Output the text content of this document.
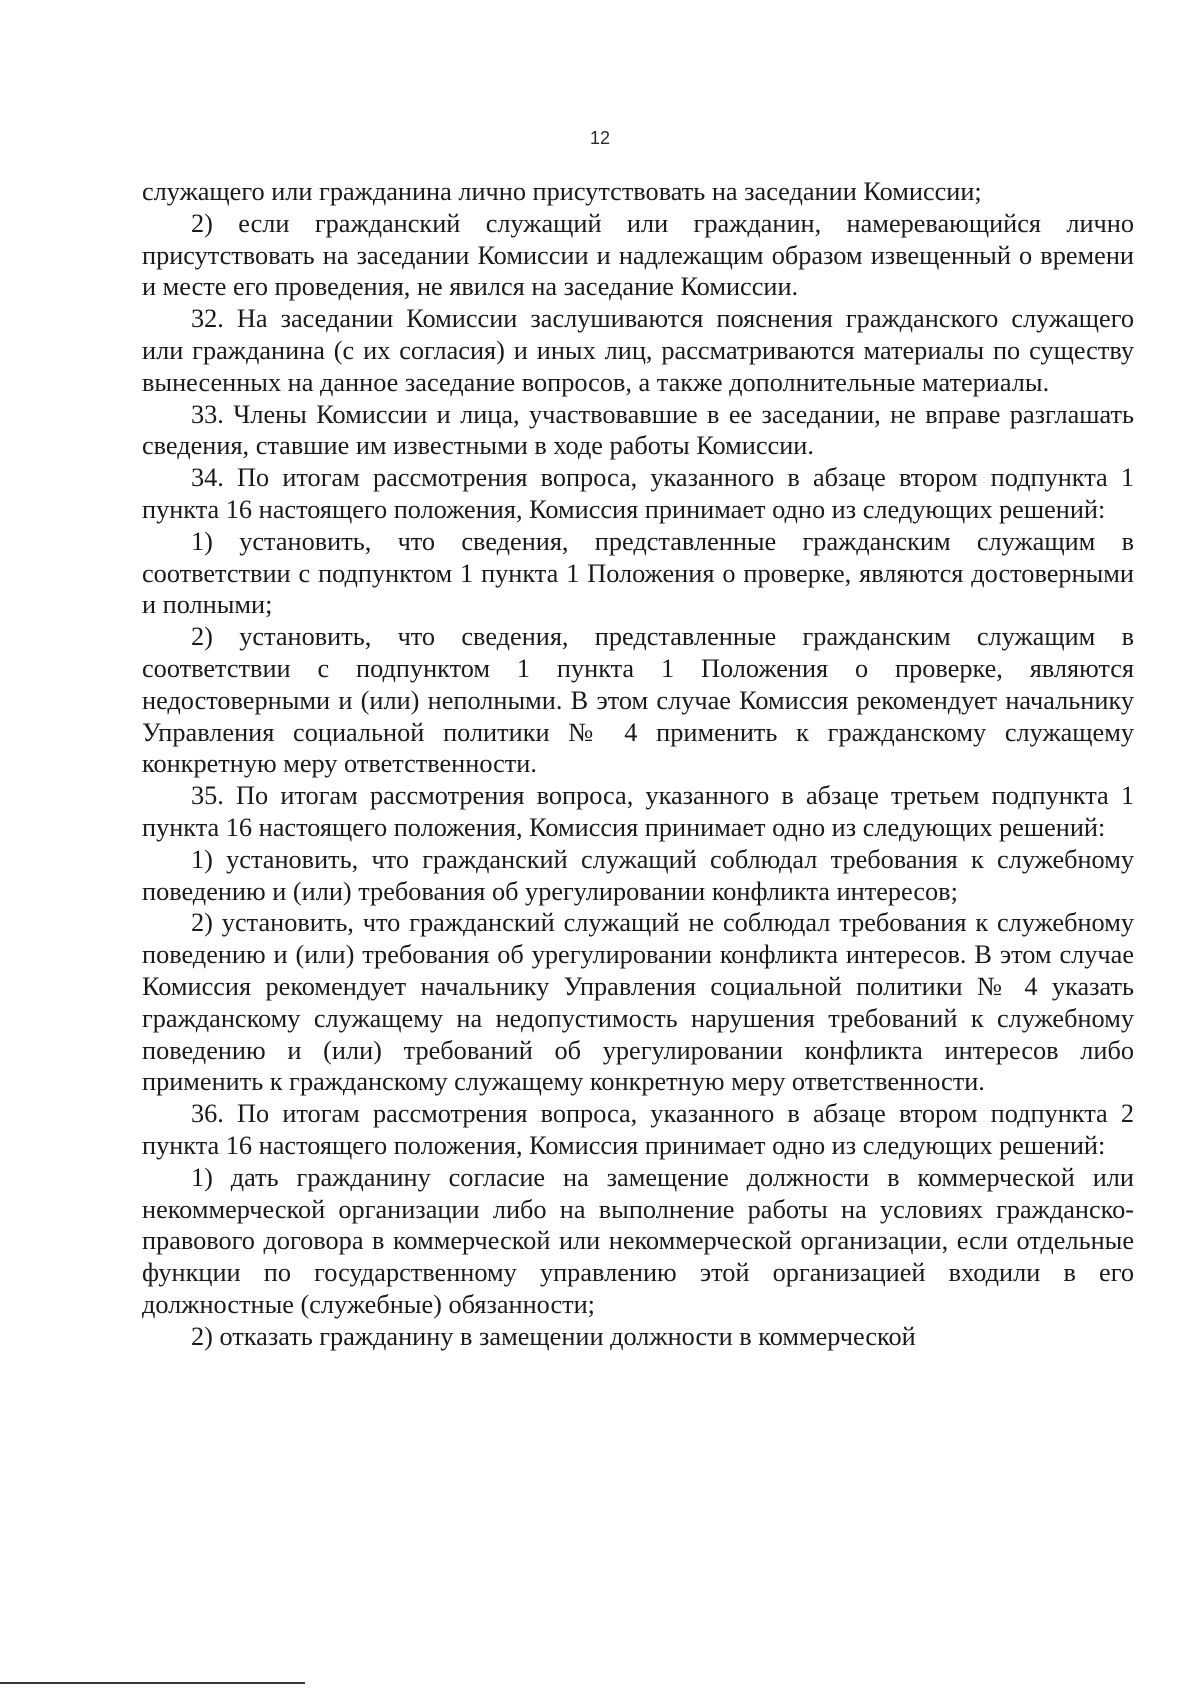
12

служащего или гражданина лично присутствовать на заседании Комиссии;

2) если гражданский служащий или гражданин, намеревающийся лично присутствовать на заседании Комиссии и надлежащим образом извещенный о времени и месте его проведения, не явился на заседание Комиссии.

32. На заседании Комиссии заслушиваются пояснения гражданского служащего или гражданина (с их согласия) и иных лиц, рассматриваются материалы по существу вынесенных на данное заседание вопросов, а также дополнительные материалы.

33. Члены Комиссии и лица, участвовавшие в ее заседании, не вправе разглашать сведения, ставшие им известными в ходе работы Комиссии.

34. По итогам рассмотрения вопроса, указанного в абзаце втором подпункта 1 пункта 16 настоящего положения, Комиссия принимает одно из следующих решений:

1) установить, что сведения, представленные гражданским служащим в соответствии с подпунктом 1 пункта 1 Положения о проверке, являются достоверными и полными;

2) установить, что сведения, представленные гражданским служащим в соответствии с подпунктом 1 пункта 1 Положения о проверке, являются недостоверными и (или) неполными. В этом случае Комиссия рекомендует начальнику Управления социальной политики № 4 применить к гражданскому служащему конкретную меру ответственности.

35. По итогам рассмотрения вопроса, указанного в абзаце третьем подпункта 1 пункта 16 настоящего положения, Комиссия принимает одно из следующих решений:

1) установить, что гражданский служащий соблюдал требования к служебному поведению и (или) требования об урегулировании конфликта интересов;

2) установить, что гражданский служащий не соблюдал требования к служебному поведению и (или) требования об урегулировании конфликта интересов. В этом случае Комиссия рекомендует начальнику Управления социальной политики № 4 указать гражданскому служащему на недопустимость нарушения требований к служебному поведению и (или) требований об урегулировании конфликта интересов либо применить к гражданскому служащему конкретную меру ответственности.

36. По итогам рассмотрения вопроса, указанного в абзаце втором подпункта 2 пункта 16 настоящего положения, Комиссия принимает одно из следующих решений:

1) дать гражданину согласие на замещение должности в коммерческой или некоммерческой организации либо на выполнение работы на условиях гражданско-правового договора в коммерческой или некоммерческой организации, если отдельные функции по государственному управлению этой организацией входили в его должностные (служебные) обязанности;

2) отказать гражданину в замещении должности в коммерческой
